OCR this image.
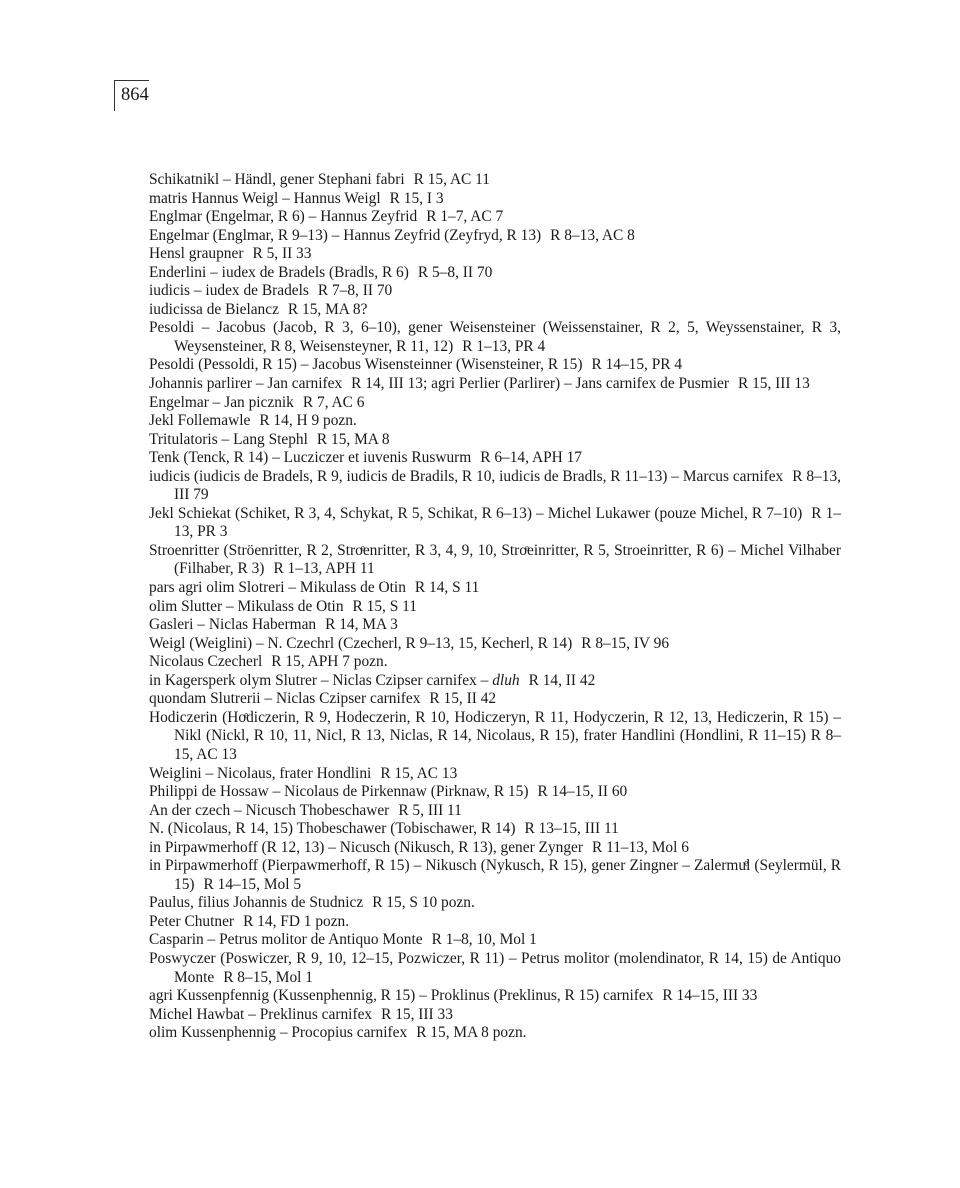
864
Schikatnikl – Händl, gener Stephani fabri R 15, AC 11
matris Hannus Weigl – Hannus Weigl R 15, I 3
Englmar (Engelmar, R 6) – Hannus Zeyfrid R 1–7, AC 7
Engelmar (Englmar, R 9–13) – Hannus Zeyfrid (Zeyfryd, R 13) R 8–13, AC 8
Hensl graupner R 5, II 33
Enderlini – iudex de Bradels (Bradls, R 6) R 5–8, II 70
iudicis – iudex de Bradels R 7–8, II 70
iudicissa de Bielancz R 15, MA 8?
Pesoldi – Jacobus (Jacob, R 3, 6–10), gener Weisensteiner (Weissenstainer, R 2, 5, Weyssenstainer, R 3, Weysensteiner, R 8, Weisensteyner, R 11, 12) R 1–13, PR 4
Pesoldi (Pessoldi, R 15) – Jacobus Wisensteinner (Wisensteiner, R 15) R 14–15, PR 4
Johannis parlirer – Jan carnifex R 14, III 13; agri Perlier (Parlirer) – Jans carnifex de Pusmier R 15, III 13
Engelmar – Jan picznik R 7, AC 6
Jekl Follemawle R 14, H 9 pozn.
Tritulatoris – Lang Stephl R 15, MA 8
Tenk (Tenck, R 14) – Lucziczer et iuvenis Ruswurm R 6–14, APH 17
iudicis (iudicis de Bradels, R 9, iudicis de Bradils, R 10, iudicis de Bradls, R 11–13) – Marcus carnifex R 8–13, III 79
Jekl Schiekat (Schiket, R 3, 4, Schykat, R 5, Schikat, R 6–13) – Michel Lukawer (pouze Michel, R 7–10) R 1–13, PR 3
Stroenritter (Ströenritter, R 2, Stroͤenritter, R 3, 4, 9, 10, Stroͤeinritter, R 5, Stroeinritter, R 6) – Michel Vilhaber (Filhaber, R 3) R 1–13, APH 11
pars agri olim Slotreri – Mikulass de Otin R 14, S 11
olim Slutter – Mikulass de Otin R 15, S 11
Gasleri – Niclas Haberman R 14, MA 3
Weigl (Weiglini) – N. Czechrl (Czecherl, R 9–13, 15, Kecherl, R 14) R 8–15, IV 96
Nicolaus Czecherl R 15, APH 7 pozn.
in Kagersperk olym Slutrer – Niclas Czipser carnifex – dluh R 14, II 42
quondam Slutrerii – Niclas Czipser carnifex R 15, II 42
Hodiczerin (Hoͤdiczerin, R 9, Hodeczerin, R 10, Hodiczeryn, R 11, Hodyczerin, R 12, 13, Hediczerin, R 15) – Nikl (Nickl, R 10, 11, Nicl, R 13, Niclas, R 14, Nicolaus, R 15), frater Handlini (Hondlini, R 11–15) R 8–15, AC 13
Weiglini – Nicolaus, frater Hondlini R 15, AC 13
Philippi de Hossaw – Nicolaus de Pirkennaw (Pirknaw, R 15) R 14–15, II 60
An der czech – Nicusch Thobeschawer R 5, III 11
N. (Nicolaus, R 14, 15) Thobeschawer (Tobischawer, R 14) R 13–15, III 11
in Pirpawmerhoff (R 12, 13) – Nicusch (Nikusch, R 13), gener Zynger R 11–13, Mol 6
in Pirpawmerhoff (Pierpawmerhoff, R 15) – Nikusch (Nykusch, R 15), gener Zingner – Zalermuͤl (Seylermül, R 15) R 14–15, Mol 5
Paulus, filius Johannis de Studnicz R 15, S 10 pozn.
Peter Chutner R 14, FD 1 pozn.
Casparin – Petrus molitor de Antiquo Monte R 1–8, 10, Mol 1
Poswyczer (Poswiczer, R 9, 10, 12–15, Pozwiczer, R 11) – Petrus molitor (molendinator, R 14, 15) de Antiquo Monte R 8–15, Mol 1
agri Kussenpfennig (Kussenphennig, R 15) – Proklinus (Preklinus, R 15) carnifex R 14–15, III 33
Michel Hawbat – Preklinus carnifex R 15, III 33
olim Kussenphennig – Procopius carnifex R 15, MA 8 pozn.
